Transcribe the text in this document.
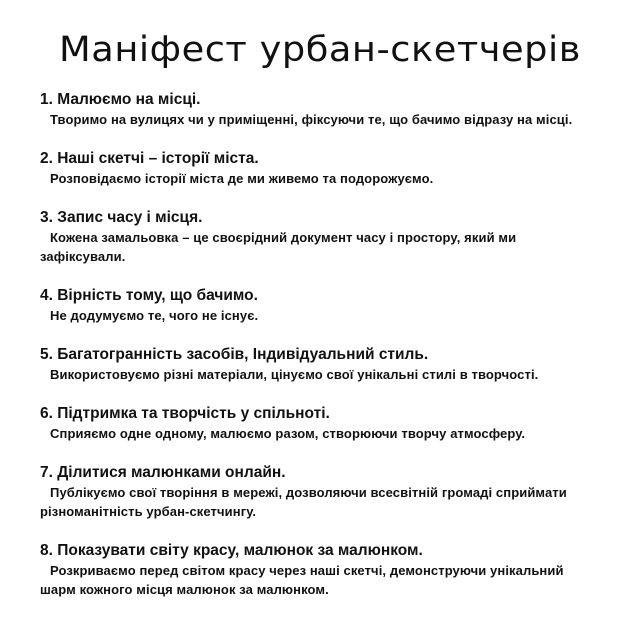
Маніфест урбан-скетчерів
1. Малюємо на місці.
Творимо на вулицях чи у приміщенні, фіксуючи те, що бачимо відразу на місці.
2. Наші скетчі – історії міста.
Розповідаємо історії міста де ми живемо та подорожуємо.
3. Запис часу і місця.
Кожена замальовка – це своєрідний документ часу і простору, який ми зафіксували.
4. Вірність тому, що бачимо.
Не додумуємо те, чого не існує.
5. Багатогранність засобів, Індивідуальний стиль.
Використовуємо різні матеріали, цінуємо свої унікальні стилі в творчості.
6. Підтримка та творчість у спільноті.
Сприяємо одне одному, малюємо разом, створюючи творчу атмосферу.
7. Ділитися малюнками онлайн.
Публікуємо свої творіння в мережі, дозволяючи всесвітній громаді сприймати різноманітність урбан-скетчингу.
8. Показувати світу красу, малюнок за малюнком.
Розкриваємо перед світом красу через наші скетчі, демонструючи унікальний шарм кожного місця малюнок за малюнком.
